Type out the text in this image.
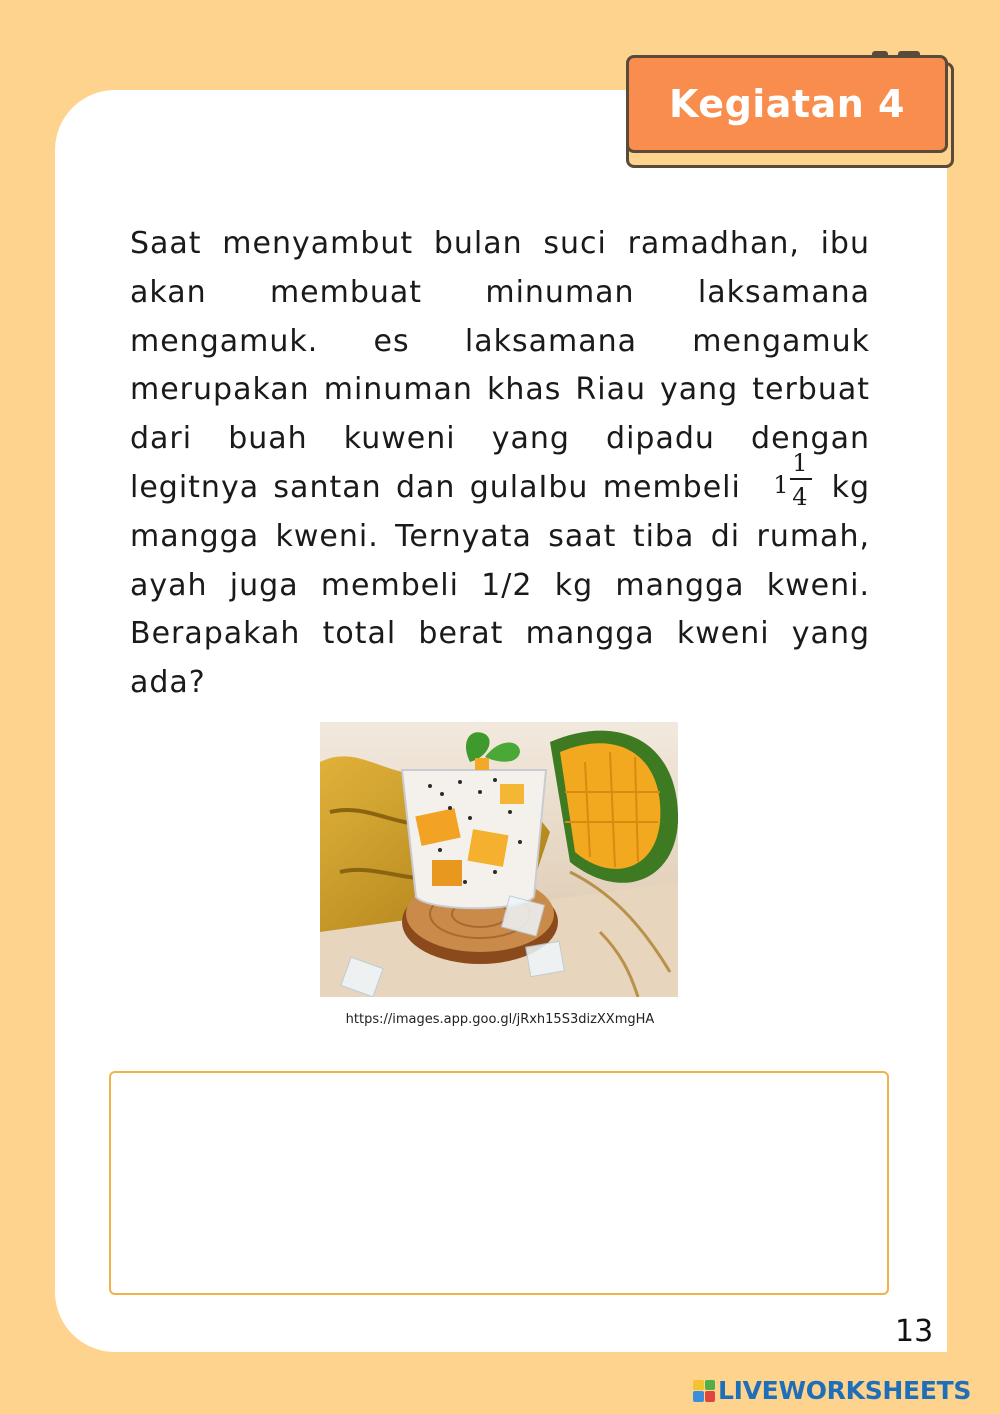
Kegiatan 4

Saat menyambut bulan suci ramadhan, ibu akan membuat minuman laksamana mengamuk. es laksamana mengamuk merupakan minuman khas Riau yang terbuat dari buah kuweni yang dipadu dengan legitnya santan dan gulaIbu membeli 1
1
4 kg mangga kweni. Ternyata saat tiba di rumah, ayah juga membeli 1/2 kg mangga kweni. Berapakah total berat mangga kweni yang ada?

https://images.app.goo.gl/jRxh15S3dizXXmgHA
13
LIVEWORKSHEETS
